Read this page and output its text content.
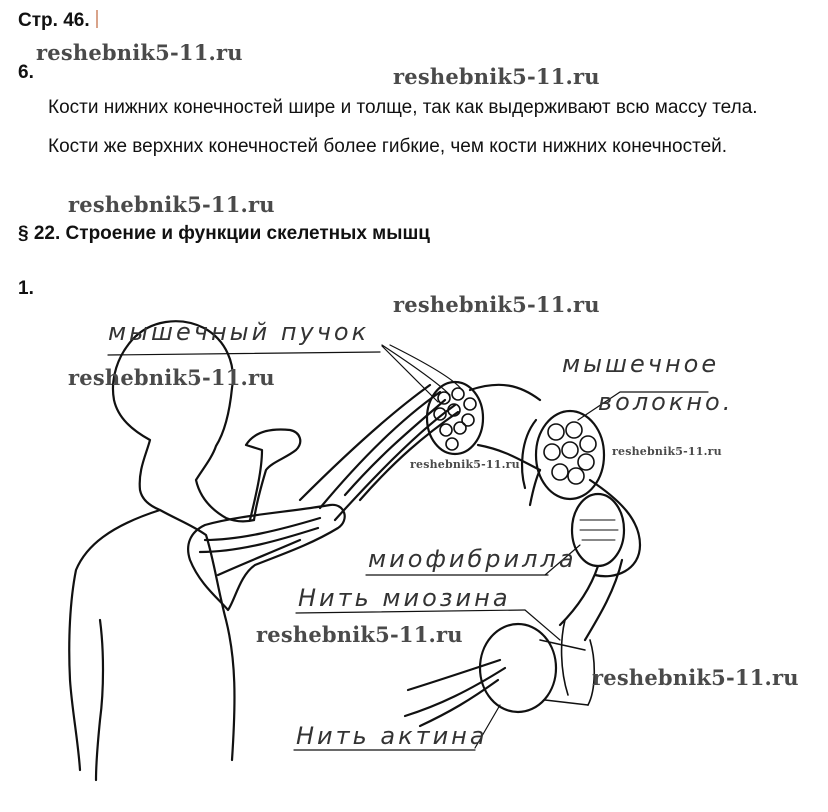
Стр. 46.
6.
Кости нижних конечностей шире и толще, так как выдерживают всю массу тела. Кости же верхних конечностей более гибкие, чем кости нижних конечностей.
§ 22. Строение и функции скелетных мышц
1.
мышечный пучок
мышечное
волокно.
миофибрилла
Нить миозина
Нить актина
reshebnik5-11.ru
reshebnik5-11.ru
reshebnik5-11.ru
reshebnik5-11.ru
reshebnik5-11.ru
reshebnik5-11.ru
reshebnik5-11.ru
reshebnik5-11.ru
reshebnik5-11.ru
